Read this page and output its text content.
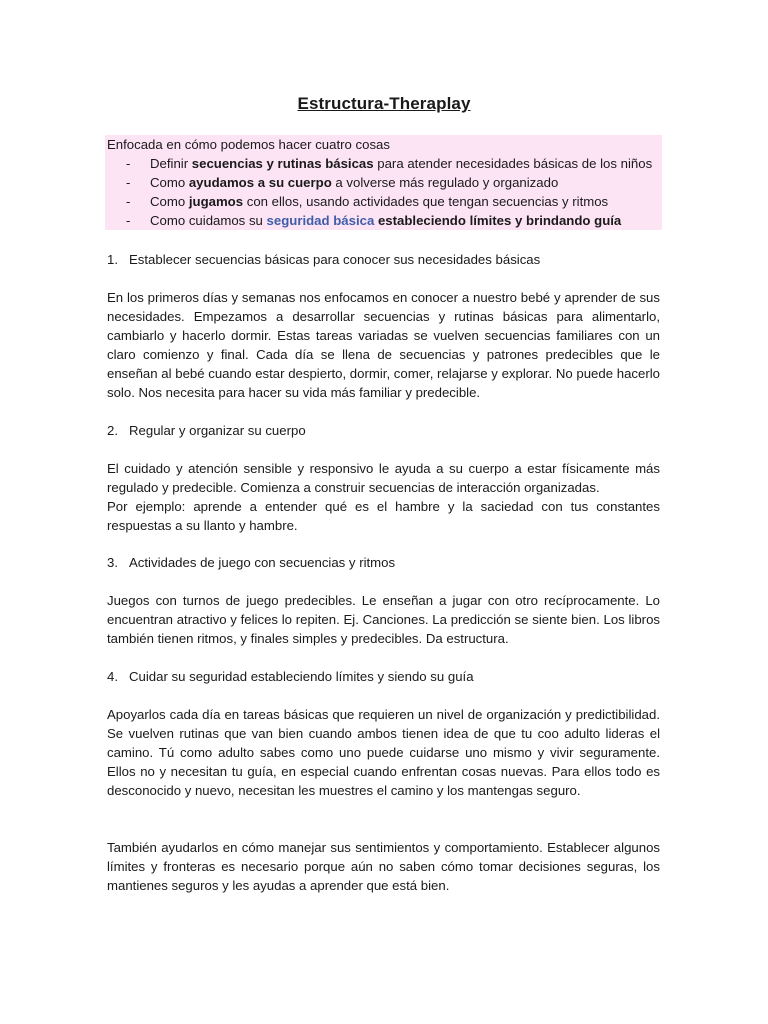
Estructura-Theraplay
Enfocada en cómo podemos hacer cuatro cosas
- Definir secuencias y rutinas básicas para atender necesidades básicas de los niños
- Como ayudamos a su cuerpo a volverse más regulado y organizado
- Como jugamos con ellos, usando actividades que tengan secuencias y ritmos
- Como cuidamos su seguridad básica estableciendo límites y brindando guía
1. Establecer secuencias básicas para conocer sus necesidades básicas
En los primeros días y semanas nos enfocamos en conocer a nuestro bebé y aprender de sus necesidades. Empezamos a desarrollar secuencias y rutinas básicas para alimentarlo, cambiarlo y hacerlo dormir. Estas tareas variadas se vuelven secuencias familiares con un claro comienzo y final. Cada día se llena de secuencias y patrones predecibles que le enseñan al bebé cuando estar despierto, dormir, comer, relajarse y explorar. No puede hacerlo solo. Nos necesita para hacer su vida más familiar y predecible.
2. Regular y organizar su cuerpo
El cuidado y atención sensible y responsivo le ayuda a su cuerpo a estar físicamente más regulado y predecible. Comienza a construir secuencias de interacción organizadas.
Por ejemplo: aprende a entender qué es el hambre y la saciedad con tus constantes respuestas a su llanto y hambre.
3. Actividades de juego con secuencias y ritmos
Juegos con turnos de juego predecibles. Le enseñan a jugar con otro recíprocamente. Lo encuentran atractivo y felices lo repiten. Ej. Canciones. La predicción se siente bien. Los libros también tienen ritmos, y finales simples y predecibles. Da estructura.
4. Cuidar su seguridad estableciendo límites y siendo su guía
Apoyarlos cada día en tareas básicas que requieren un nivel de organización y predictibilidad. Se vuelven rutinas que van bien cuando ambos tienen idea de que tu coo adulto lideras el camino. Tú como adulto sabes como uno puede cuidarse uno mismo y vivir seguramente. Ellos no y necesitan tu guía, en especial cuando enfrentan cosas nuevas. Para ellos todo es desconocido y nuevo, necesitan les muestres el camino y los mantengas seguro.
También ayudarlos en cómo manejar sus sentimientos y comportamiento. Establecer algunos límites y fronteras es necesario porque aún no saben cómo tomar decisiones seguras, los mantienes seguros y les ayudas a aprender que está bien.
